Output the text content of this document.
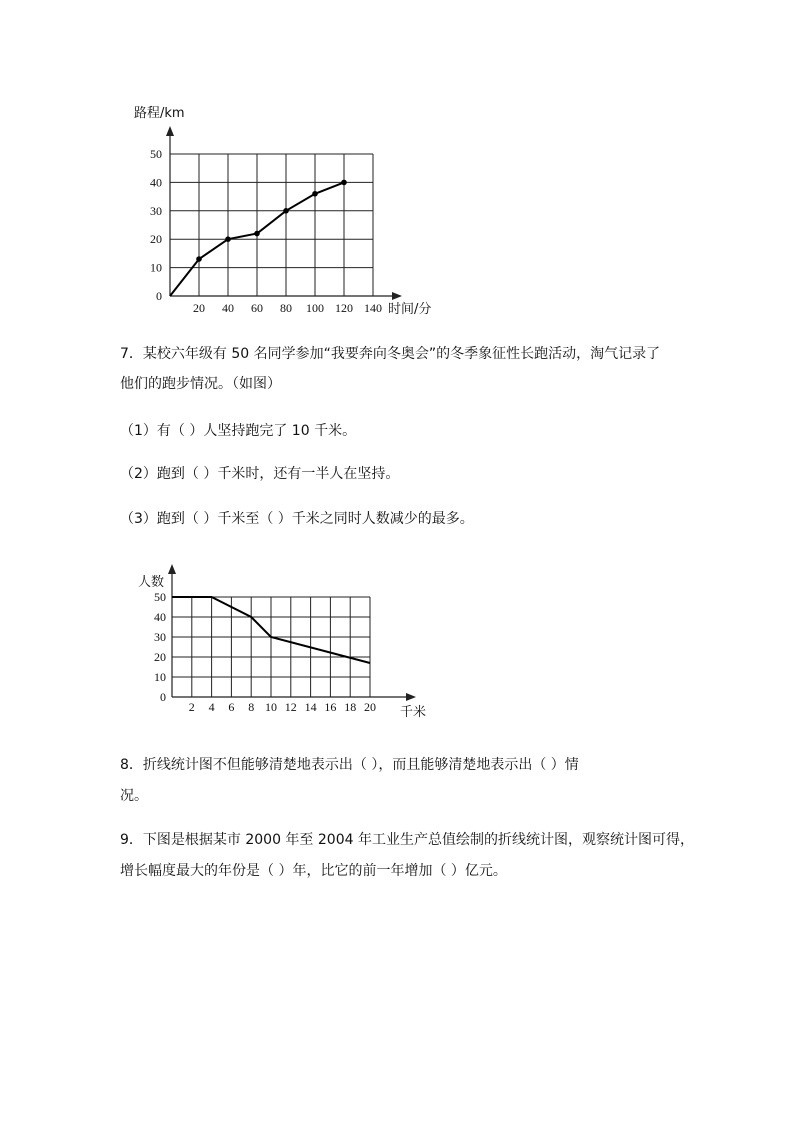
0
10
20
30
40
50
20 40 60 80 100 120 140
路程/km
时间/分
7．某校六年级有 50 名同学参加“我要奔向冬奥会”的冬季象征性长跑活动，淘气记录了
他们的跑步情况。（如图）
（1）有（ ）人坚持跑完了 10 千米。
（2）跑到（ ）千米时，还有一半人在坚持。
（3）跑到（ ）千米至（ ）千米之同时人数减少的最多。
0
10
20
30
40
50
2 4 6 8 10 12 14 16 18 20
人数
千米
8．折线统计图不但能够清楚地表示出（ ），而且能够清楚地表示出（ ）情
况。
9．下图是根据某市 2000 年至 2004 年工业生产总值绘制的折线统计图，观察统计图可得，
增长幅度最大的年份是（ ）年，比它的前一年增加（ ）亿元。
